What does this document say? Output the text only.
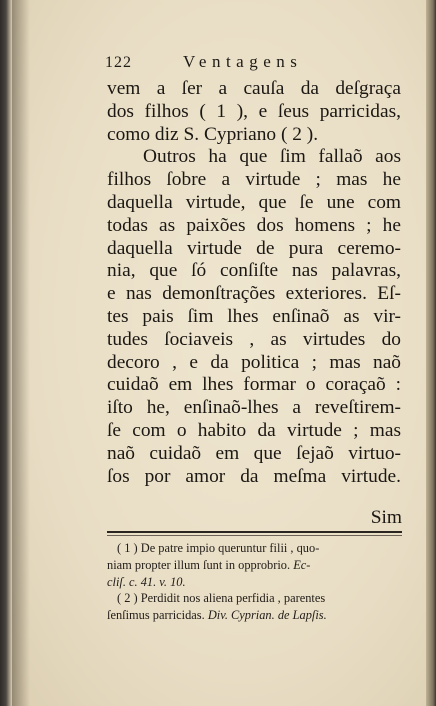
122	Ventagens
vem a ſer a cauſa da deſgraça
dos filhos ( 1 ), e ſeus parricidas,
como diz S. Cypriano ( 2 ).
Outros ha que ſim fallaõ aos
filhos ſobre a virtude ; mas he
daquella virtude, que ſe une com
todas as paixões dos homens ; he
daquella virtude de pura ceremo-
nia, que ſó conſiſte nas palavras,
e nas demonſtrações exteriores. Eſ-
tes pais ſim lhes enſinaõ as vir-
tudes ſociaveis , as virtudes do
decoro , e da politica ; mas naõ
cuidaõ em lhes formar o coraçaõ :
iſto he, enſinaõ-lhes a reveſtirem-
ſe com o habito da virtude ; mas
naõ cuidaõ em que ſejaõ virtuo-
ſos por amor da meſma virtude.
Sim
( 1 ) De patre impio queruntur filii , quo-
niam propter illum ſunt in opprobrio. Ec-
cliſ. c. 41. v. 10.
( 2 ) Perdidit nos aliena perfidia , parentes
ſenſimus parricidas. Div. Cyprian. de Lapſis.
